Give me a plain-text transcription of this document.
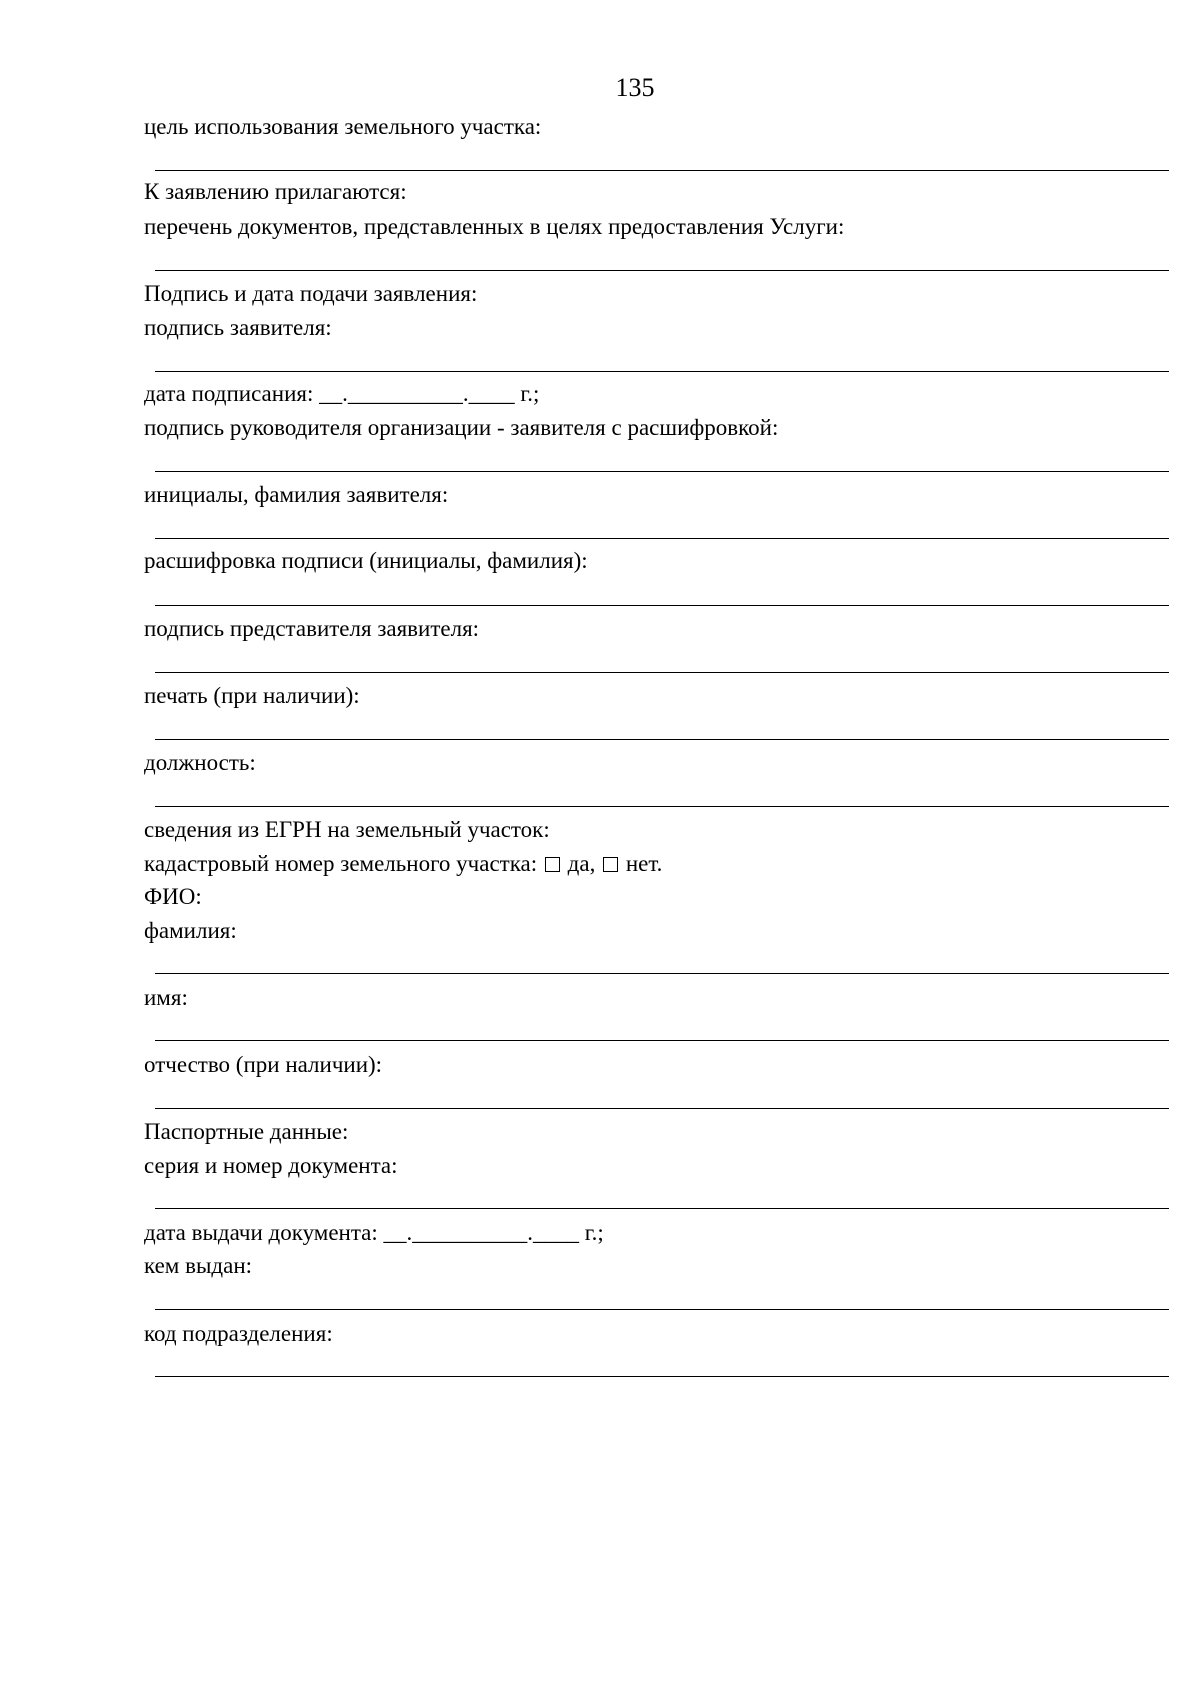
135
цель использования земельного участка:
К заявлению прилагаются:
перечень документов, представленных в целях предоставления Услуги:
Подпись и дата подачи заявления:
подпись заявителя:
дата подписания: __.__________.____ г.;
подпись руководителя организации - заявителя с расшифровкой:
инициалы, фамилия заявителя:
расшифровка подписи (инициалы, фамилия):
подпись представителя заявителя:
печать (при наличии):
должность:
сведения из ЕГРН на земельный участок:
кадастровый номер земельного участка: да, нет.
ФИО:
фамилия:
имя:
отчество (при наличии):
Паспортные данные:
серия и номер документа:
дата выдачи документа: __.__________.____ г.;
кем выдан:
код подразделения:
